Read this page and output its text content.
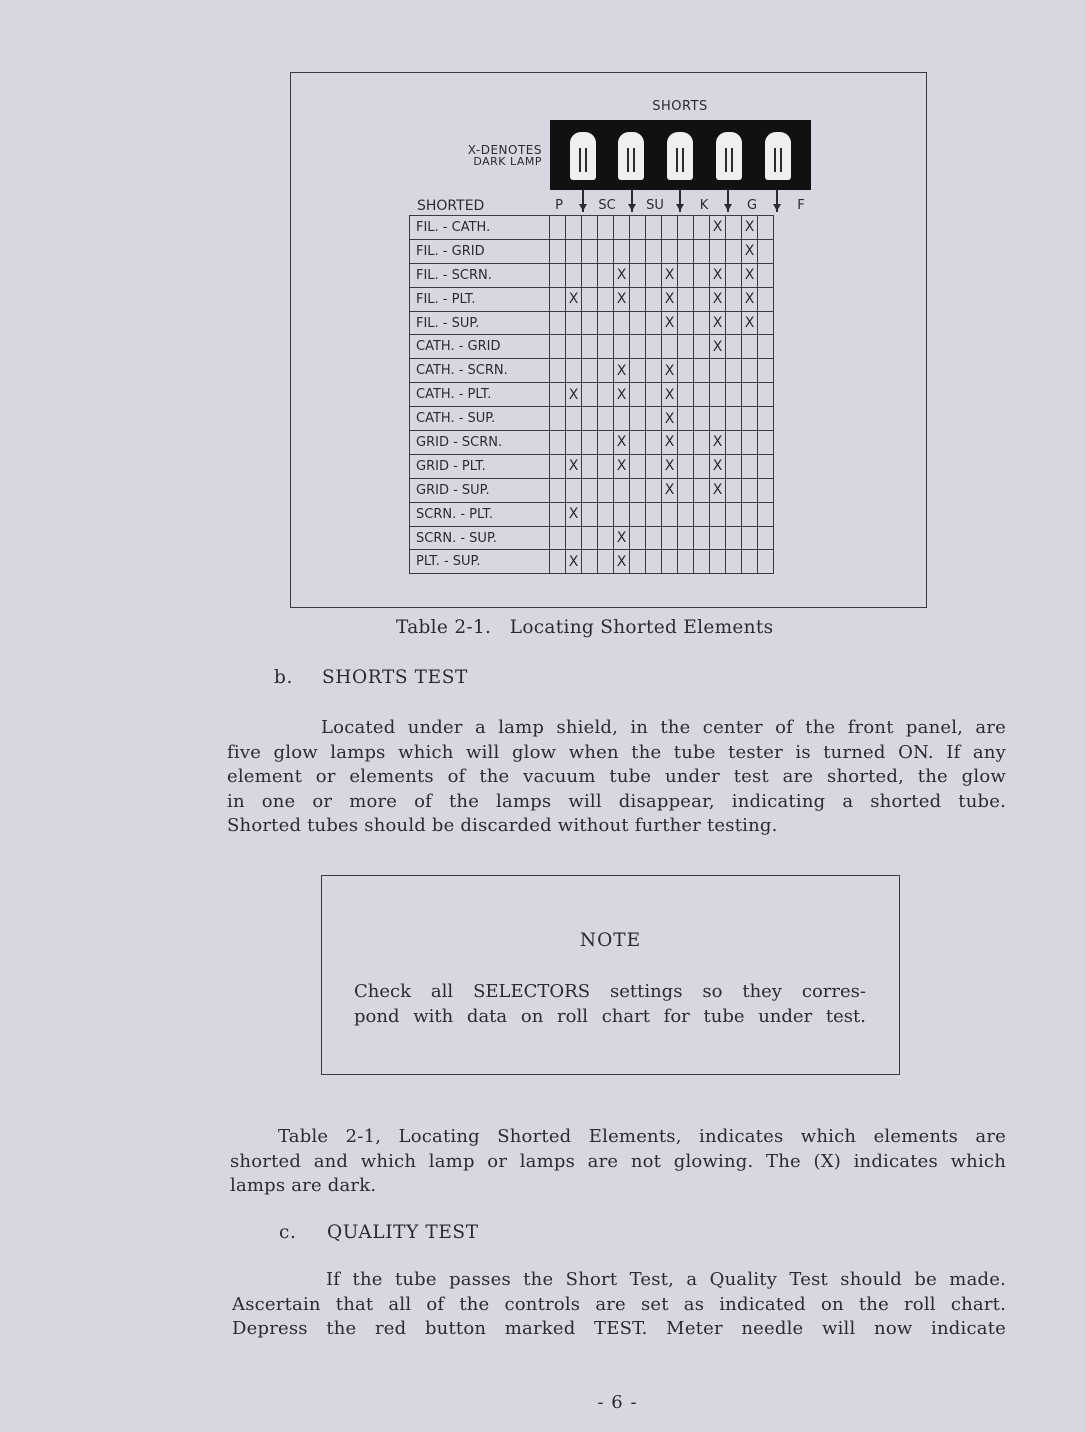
SHORTS
X-DENOTES
DARK LAMP
SHORTED	P	SC SU	K	G	F
FIL. - CATH.											X		X	
FIL. - GRID													X	
FIL. - SCRN.					X			X			X		X	
FIL. - PLT.		X			X			X			X		X	
FIL. - SUP.								X			X		X	
CATH. - GRID											X			
CATH. - SCRN.					X			X						
CATH. - PLT.		X			X			X						
CATH. - SUP.								X						
GRID - SCRN.					X			X			X			
GRID - PLT.		X			X			X			X			
GRID - SUP.								X			X			
SCRN. - PLT.		X												
SCRN. - SUP.					X									
PLT. - SUP.		X			X									
Table 2-1.   Locating Shorted Elements
b. SHORTS TEST
Located under a lamp shield, in the center of the front panel, are
five glow lamps which will glow when the tube tester is turned ON. If any
element or elements of the vacuum tube under test are shorted, the glow
in one or more of the lamps will disappear, indicating a shorted tube.
Shorted tubes should be discarded without further testing.
NOTE
Check all SELECTORS settings so they corres-
pond with data on roll chart for tube under test.
Table 2-1, Locating Shorted Elements, indicates which elements are
shorted and which lamp or lamps are not glowing. The (X) indicates which
lamps are dark.
c. QUALITY TEST
If the tube passes the Short Test, a Quality Test should be made.
Ascertain that all of the controls are set as indicated on the roll chart.
Depress the red button marked TEST. Meter needle will now indicate
- 6 -
